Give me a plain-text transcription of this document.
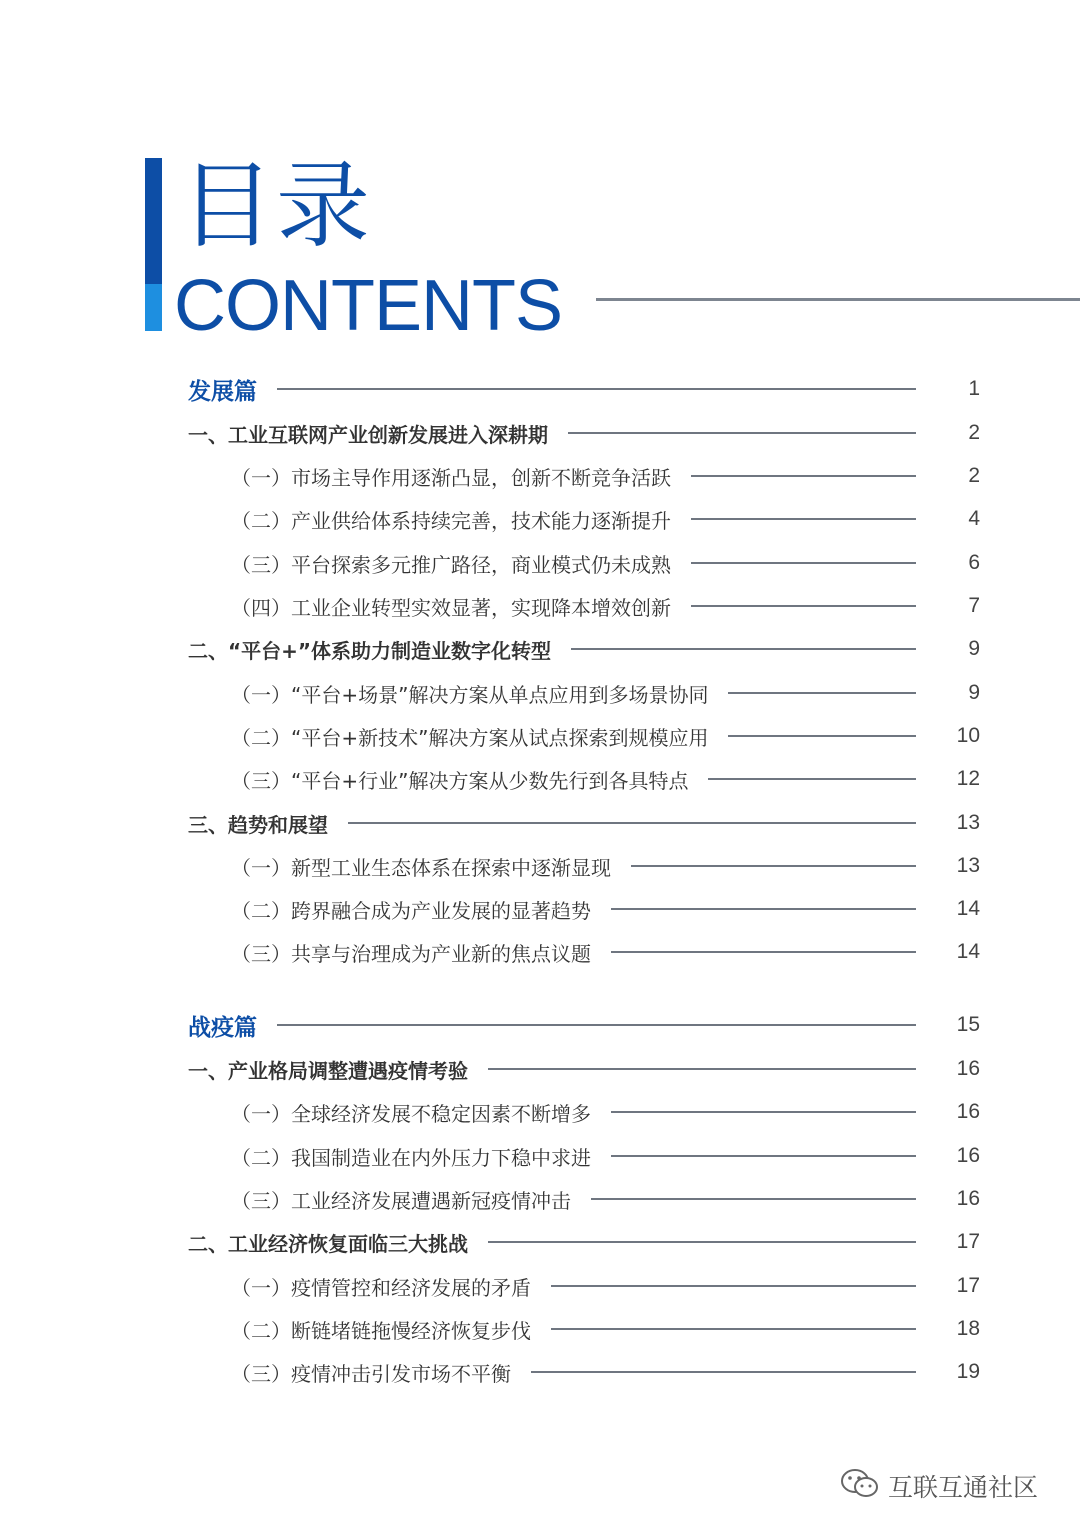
目录
CONTENTS
发展篇	1
一、工业互联网产业创新发展进入深耕期	2
（一）市场主导作用逐渐凸显，创新不断竞争活跃	2
（二）产业供给体系持续完善，技术能力逐渐提升	4
（三）平台探索多元推广路径，商业模式仍未成熟	6
（四）工业企业转型实效显著，实现降本增效创新	7
二、“平台+”体系助力制造业数字化转型	9
（一）“平台+场景”解决方案从单点应用到多场景协同	9
（二）“平台+新技术”解决方案从试点探索到规模应用	10
（三）“平台+行业”解决方案从少数先行到各具特点	12
三、趋势和展望	13
（一）新型工业生态体系在探索中逐渐显现	13
（二）跨界融合成为产业发展的显著趋势	14
（三）共享与治理成为产业新的焦点议题	14
战疫篇	15
一、产业格局调整遭遇疫情考验	16
（一）全球经济发展不稳定因素不断增多	16
（二）我国制造业在内外压力下稳中求进	16
（三）工业经济发展遭遇新冠疫情冲击	16
二、工业经济恢复面临三大挑战	17
（一）疫情管控和经济发展的矛盾	17
（二）断链堵链拖慢经济恢复步伐	18
（三）疫情冲击引发市场不平衡	19
互联互通社区
